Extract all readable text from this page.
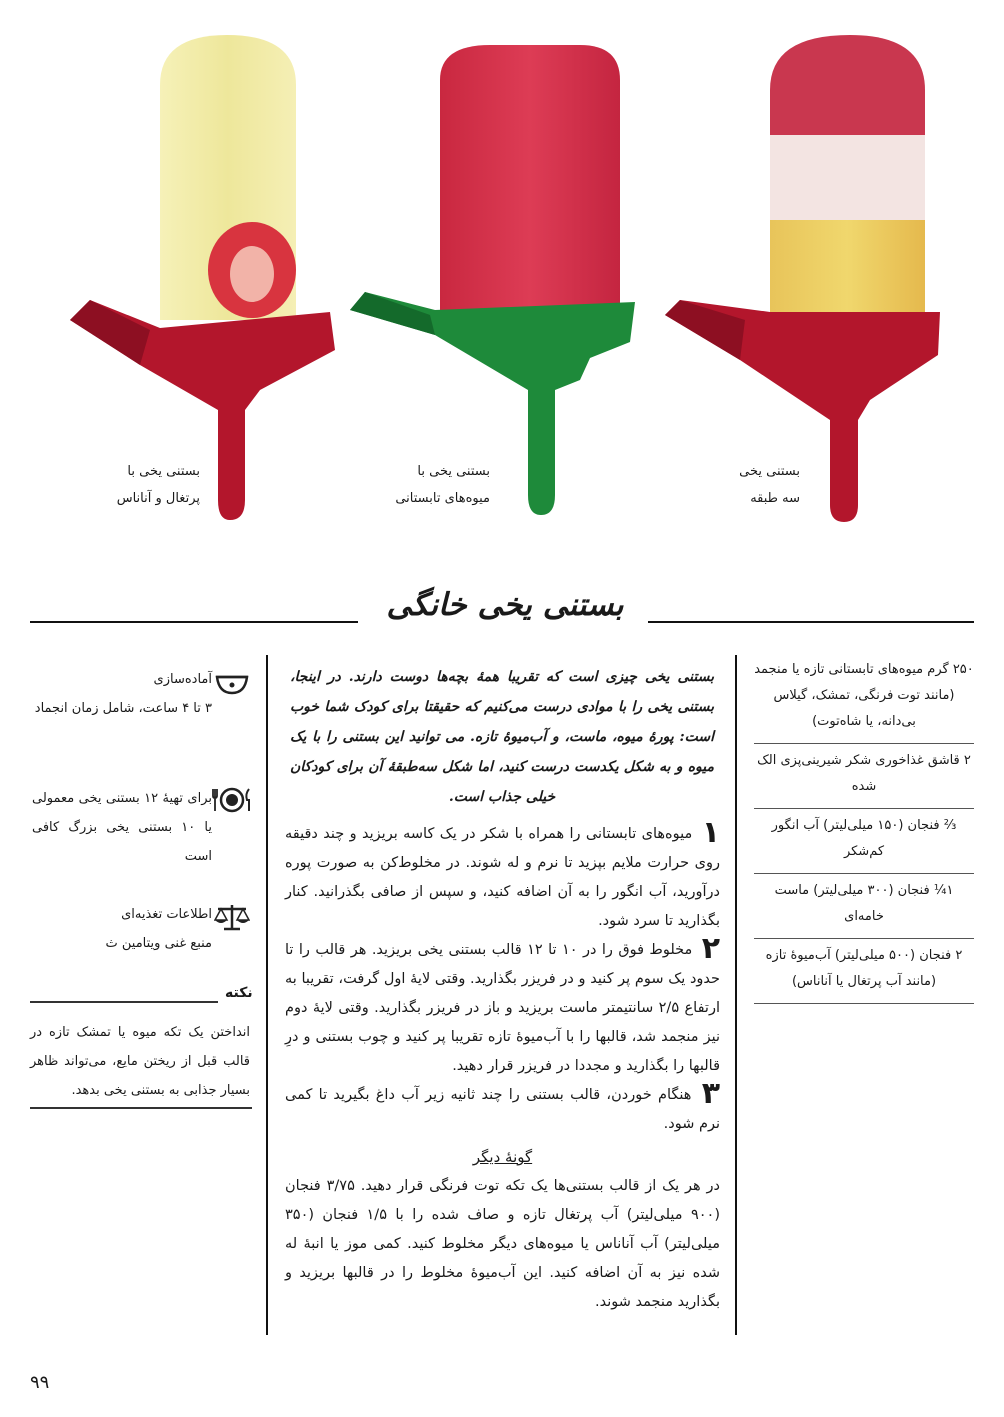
بستنی یخی با
پرتغال و آناناس
بستنی یخی با
میوه‌های تابستانی
بستنی یخی
سه طبقه
بستنی یخی خانگی
۲۵۰ گرم میوه‌های تابستانی تازه یا منجمد (مانند توت فرنگی، تمشک، گیلاس بی‌دانه، یا شاه‌توت)
۲ قاشق غذاخوری شکر شیرینی‌پزی الک شده
⅔ فنجان (۱۵۰ میلی‌لیتر) آب انگور کم‌شکر
۱¼ فنجان (۳۰۰ میلی‌لیتر) ماست خامه‌ای
۲ فنجان (۵۰۰ میلی‌لیتر) آب‌میوهٔ تازه (مانند آب پرتغال یا آناناس)
بستنی یخی چیزی است که تقریبا همهٔ بچه‌ها دوست دارند. در اینجا، بستنی یخی را با موادی درست می‌کنیم که حقیقتا برای کودک شما خوب است: پورهٔ میوه، ماست، و آب‌میوهٔ تازه. می توانید این بستنی را با یک میوه و به شکل یکدست درست کنید، اما شکل سه‌طبقهٔ آن برای کودکان خیلی جذاب است.
۱ میوه‌های تابستانی را همراه با شکر در یک کاسه بریزید و چند دقیقه روی حرارت ملایم بپزید تا نرم و له شوند. در مخلوط‌کن به صورت پوره درآورید، آب انگور را به آن اضافه کنید، و سپس از صافی بگذرانید. کنار بگذارید تا سرد شود.
۲ مخلوط فوق را در ۱۰ تا ۱۲ قالب بستنی یخی بریزید. هر قالب را تا حدود یک سوم پر کنید و در فریزر بگذارید. وقتی لایهٔ اول گرفت، تقریبا به ارتفاع ۲/۵ سانتیمتر ماست بریزید و باز در فریزر بگذارید. وقتی لایهٔ دوم نیز منجمد شد، قالبها را با آب‌میوهٔ تازه تقریبا پر کنید و چوب بستنی و درِ قالبها را بگذارید و مجددا در فریزر قرار دهید.
۳ هنگام خوردن، قالب بستنی را چند ثانیه زیر آب داغ بگیرید تا کمی نرم شود.
گونهٔ دیگر
در هر یک از قالب بستنی‌ها یک تکه توت فرنگی قرار دهید. ۳/۷۵ فنجان (۹۰۰ میلی‌لیتر) آب پرتغال تازه و صاف شده را با ۱/۵ فنجان (۳۵۰ میلی‌لیتر) آب آناناس یا میوه‌های دیگر مخلوط کنید. کمی موز یا انبهٔ له شده نیز به آن اضافه کنید. این آب‌میوهٔ مخلوط را در قالبها بریزید و بگذارید منجمد شوند.
آماده‌سازی
۳ تا ۴ ساعت، شامل زمان انجماد
برای تهیهٔ ۱۲ بستنی یخی معمولی یا ۱۰ بستنی یخی بزرگ کافی است
اطلاعات تغذیه‌ای
منبع غنی ویتامین ث
نکته
انداختن یک تکه میوه یا تمشک تازه در قالب قبل از ریختن مایع، می‌تواند ظاهر بسیار جذابی به بستنی یخی بدهد.
۹۹
